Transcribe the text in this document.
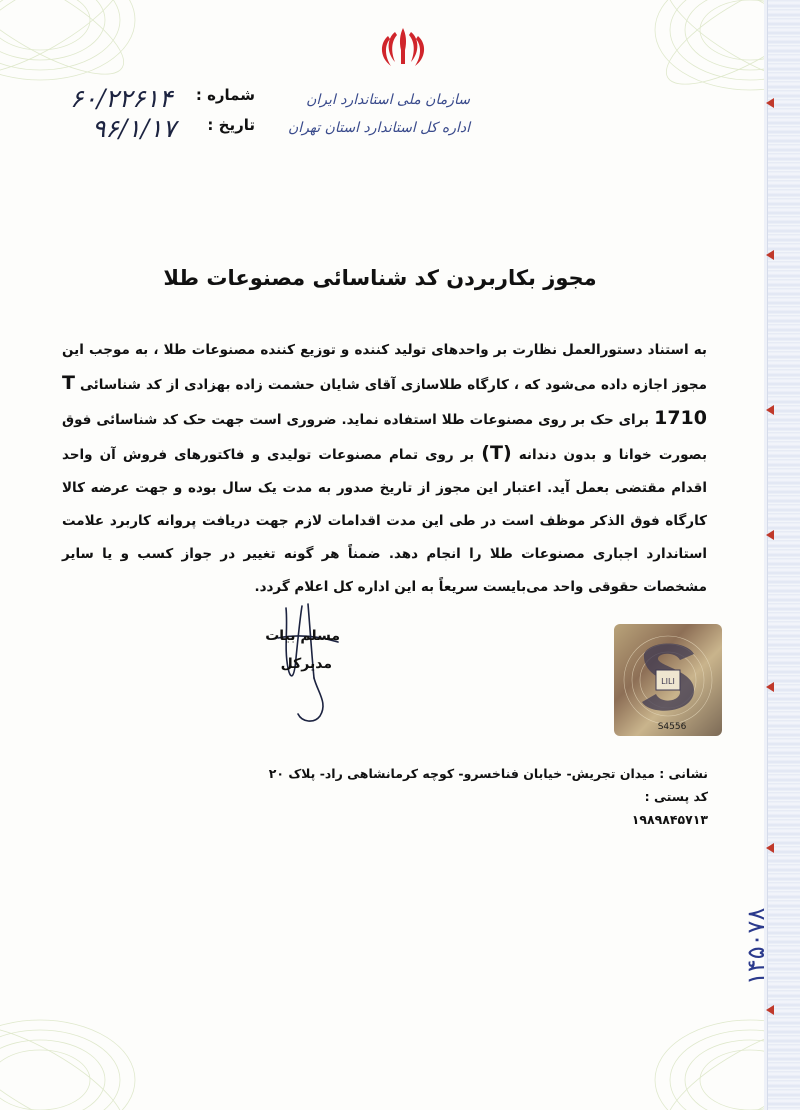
سازمان ملی استاندارد ایران
اداره کل استاندارد استان تهران
شماره :
۶۰/۲۲۶۱۴
تاریخ :
۹۶/۱/۱۷
مجوز بکاربردن کد شناسائی مصنوعات طلا
به استناد دستورالعمل نظارت بر واحدهای تولید کننده و توزیع کننده مصنوعات طلا ، به موجب این مجوز اجازه داده می‌شود که ، کارگاه طلاسازی آقای شایان حشمت زاده بهزادی از کد شناسائی T 1710 برای حک بر روی مصنوعات طلا استفاده نماید. ضروری است جهت حک کد شناسائی فوق بصورت خوانا و بدون دندانه (T) بر روی تمام مصنوعات تولیدی و فاکتورهای فروش آن واحد اقدام مقتضی بعمل آید. اعتبار این مجوز از تاریخ صدور به مدت یک سال بوده و جهت عرضه کالا کارگاه فوق الذکر موظف است در طی این مدت اقدامات لازم جهت دریافت پروانه کاربرد علامت استاندارد اجباری مصنوعات طلا را انجام دهد. ضمناً هر گونه تغییر در جواز کسب و یا سایر مشخصات حقوقی واحد می‌بایست سریعاً به این اداره کل اعلام گردد.
مسلم بیات
مدیرکل
LILI
S4556
نشانی : میدان تجریش- خیابان فناخسرو- کوچه کرمانشاهی راد- پلاک ۲۰
کد پستی :
۱۹۸۹۸۴۵۷۱۳
۱۴۵۰۷۸
